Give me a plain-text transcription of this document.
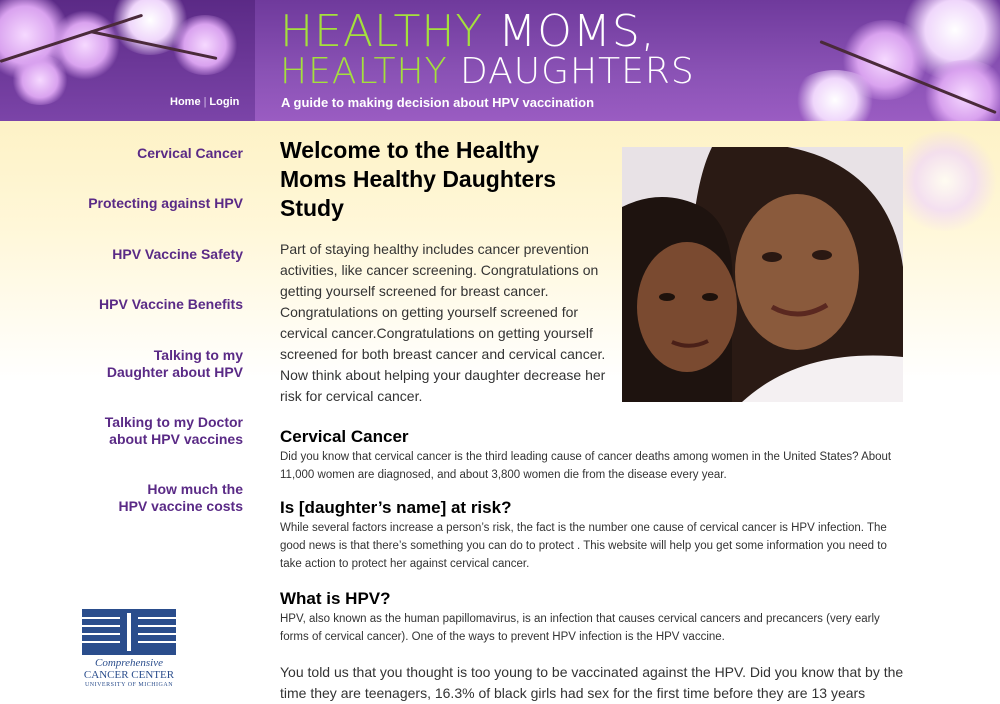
HEALTHY MOMS,
HEALTHY DAUGHTERS
A guide to making decision about HPV vaccination
Home | Login
Cervical Cancer
Protecting against HPV
HPV Vaccine Safety
HPV Vaccine Benefits
Talking to my
Daughter about HPV
Talking to my Doctor
about HPV vaccines
How much the
HPV vaccine costs
Comprehensive
CANCER CENTER
UNIVERSITY OF MICHIGAN
Welcome to the Healthy Moms Healthy Daughters Study
Part of staying healthy includes cancer prevention activities, like cancer screening. Congratulations on getting yourself screened for breast cancer. Congratulations on getting yourself screened for cervical cancer.Congratulations on getting yourself screened for both breast cancer and cervical cancer. Now think about helping your daughter decrease her risk for cervical cancer.
Cervical Cancer
Did you know that cervical cancer is the third leading cause of cancer deaths among women in the United States? About 11,000 women are diagnosed, and about 3,800 women die from the disease every year.
Is [daughter’s name] at risk?
While several factors increase a person’s risk, the fact is the number one cause of cervical cancer is HPV infection. The good news is that there’s something you can do to protect . This website will help you get some information you need to take action to protect her against cervical cancer.
What is HPV?
HPV, also known as the human papillomavirus, is an infection that causes cervical cancers and precancers (very early forms of cervical cancer). One of the ways to prevent HPV infection is the HPV vaccine.
You told us that you thought is too young to be vaccinated against the HPV. Did you know that by the time they are teenagers, 16.3% of black girls had sex for the first time before they are 13 years
